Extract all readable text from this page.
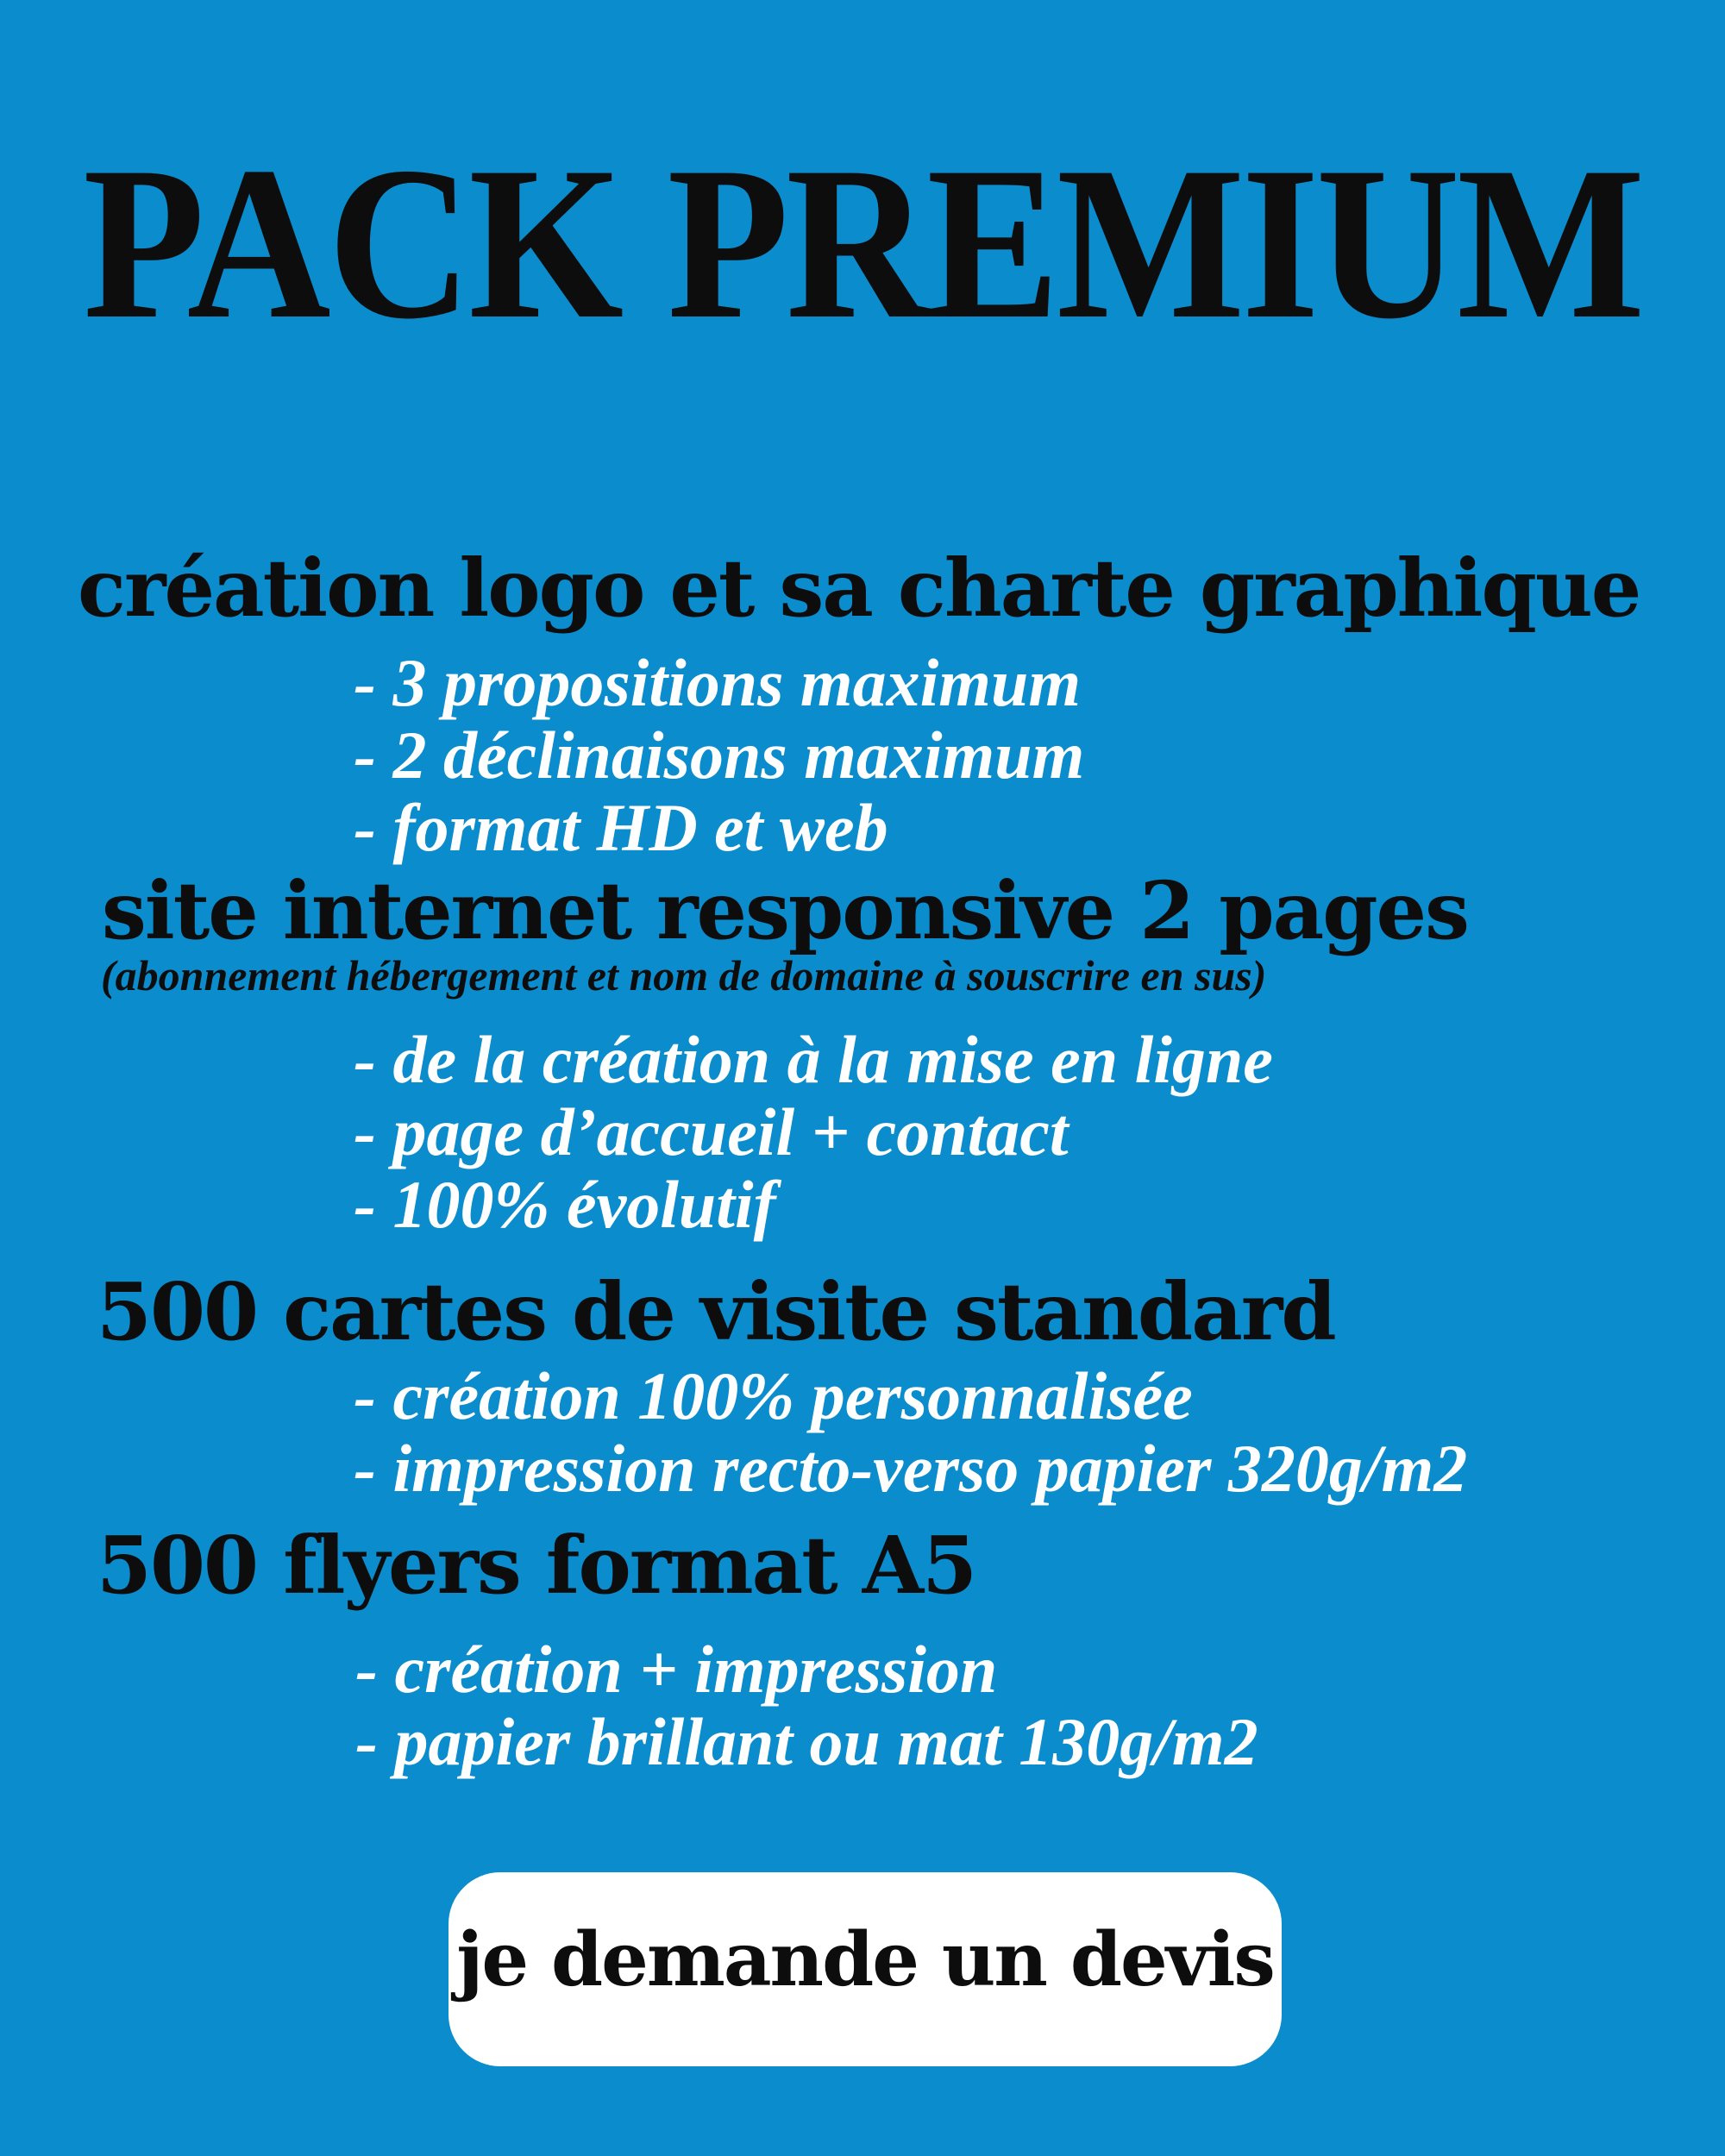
PACK PREMIUM
création logo et sa charte graphique
- 3 propositions maximum
- 2 déclinaisons maximum
- format HD et web
site internet responsive 2 pages
(abonnement hébergement et nom de domaine à souscrire en sus)
- de la création à la mise en ligne
- page d’accueil + contact
- 100% évolutif
500 cartes de visite standard
- création 100% personnalisée
- impression recto-verso papier 320g/m2
500 flyers format A5
- création + impression
- papier brillant ou mat 130g/m2
je demande un devis
